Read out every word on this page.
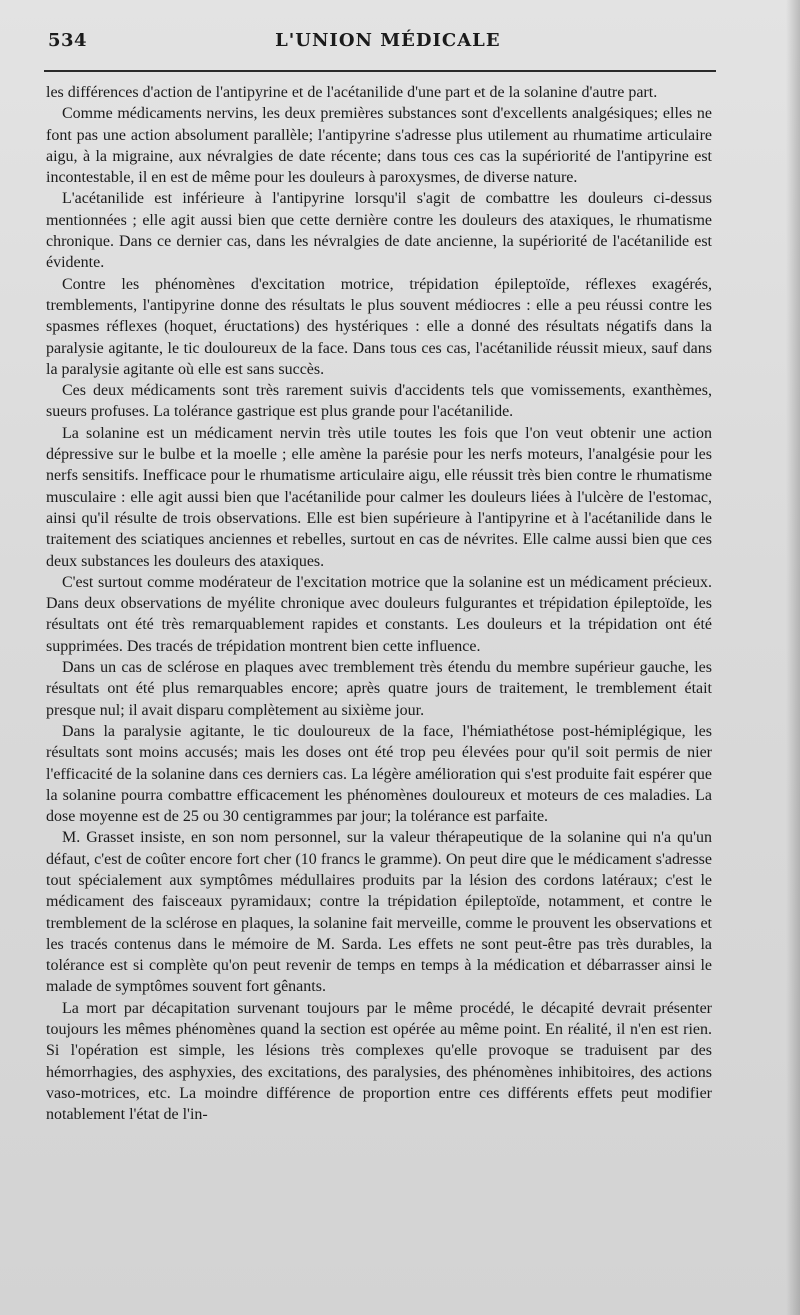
534	L'UNION MÉDICALE

les différences d'action de l'antipyrine et de l'acétanilide d'une part et de la solanine d'autre part.

Comme médicaments nervins, les deux premières substances sont d'excellents analgésiques; elles ne font pas une action absolument parallèle; l'antipyrine s'adresse plus utilement au rhumatime articulaire aigu, à la migraine, aux névralgies de date récente; dans tous ces cas la supériorité de l'antipyrine est incontestable, il en est de même pour les douleurs à paroxysmes, de diverse nature.

L'acétanilide est inférieure à l'antipyrine lorsqu'il s'agit de combattre les douleurs ci-dessus mentionnées ; elle agit aussi bien que cette dernière contre les douleurs des ataxiques, le rhumatisme chronique. Dans ce dernier cas, dans les névralgies de date ancienne, la supériorité de l'acétanilide est évidente.

Contre les phénomènes d'excitation motrice, trépidation épileptoïde, réflexes exagérés, tremblements, l'antipyrine donne des résultats le plus souvent médiocres : elle a peu réussi contre les spasmes réflexes (hoquet, éructations) des hystériques : elle a donné des résultats négatifs dans la paralysie agitante, le tic douloureux de la face. Dans tous ces cas, l'acétanilide réussit mieux, sauf dans la paralysie agitante où elle est sans succès.

Ces deux médicaments sont très rarement suivis d'accidents tels que vomissements, exanthèmes, sueurs profuses. La tolérance gastrique est plus grande pour l'acétanilide.

La solanine est un médicament nervin très utile toutes les fois que l'on veut obtenir une action dépressive sur le bulbe et la moelle ; elle amène la parésie pour les nerfs moteurs, l'analgésie pour les nerfs sensitifs. Inefficace pour le rhumatisme articulaire aigu, elle réussit très bien contre le rhumatisme musculaire : elle agit aussi bien que l'acétanilide pour calmer les douleurs liées à l'ulcère de l'estomac, ainsi qu'il résulte de trois observations. Elle est bien supérieure à l'antipyrine et à l'acétanilide dans le traitement des sciatiques anciennes et rebelles, surtout en cas de névrites. Elle calme aussi bien que ces deux substances les douleurs des ataxiques.

C'est surtout comme modérateur de l'excitation motrice que la solanine est un médicament précieux. Dans deux observations de myélite chronique avec douleurs fulgurantes et trépidation épileptoïde, les résultats ont été très remarquablement rapides et constants. Les douleurs et la trépidation ont été supprimées. Des tracés de trépidation montrent bien cette influence.

Dans un cas de sclérose en plaques avec tremblement très étendu du membre supérieur gauche, les résultats ont été plus remarquables encore; après quatre jours de traitement, le tremblement était presque nul; il avait disparu complètement au sixième jour.

Dans la paralysie agitante, le tic douloureux de la face, l'hémiathétose post-hémiplégique, les résultats sont moins accusés; mais les doses ont été trop peu élevées pour qu'il soit permis de nier l'efficacité de la solanine dans ces derniers cas. La légère amélioration qui s'est produite fait espérer que la solanine pourra combattre efficacement les phénomènes douloureux et moteurs de ces maladies. La dose moyenne est de 25 ou 30 centigrammes par jour; la tolérance est parfaite.

M. Grasset insiste, en son nom personnel, sur la valeur thérapeutique de la solanine qui n'a qu'un défaut, c'est de coûter encore fort cher (10 francs le gramme). On peut dire que le médicament s'adresse tout spécialement aux symptômes médullaires produits par la lésion des cordons latéraux; c'est le médicament des faisceaux pyramidaux; contre la trépidation épileptoïde, notamment, et contre le tremblement de la sclérose en plaques, la solanine fait merveille, comme le prouvent les observations et les tracés contenus dans le mémoire de M. Sarda. Les effets ne sont peut-être pas très durables, la tolérance est si complète qu'on peut revenir de temps en temps à la médication et débarrasser ainsi le malade de symptômes souvent fort gênants.

La mort par décapitation survenant toujours par le même procédé, le décapité devrait présenter toujours les mêmes phénomènes quand la section est opérée au même point. En réalité, il n'en est rien. Si l'opération est simple, les lésions très complexes qu'elle provoque se traduisent par des hémorrhagies, des asphyxies, des excitations, des paralysies, des phénomènes inhibitoires, des actions vaso-motrices, etc. La moindre différence de proportion entre ces différents effets peut modifier notablement l'état de l'in-
